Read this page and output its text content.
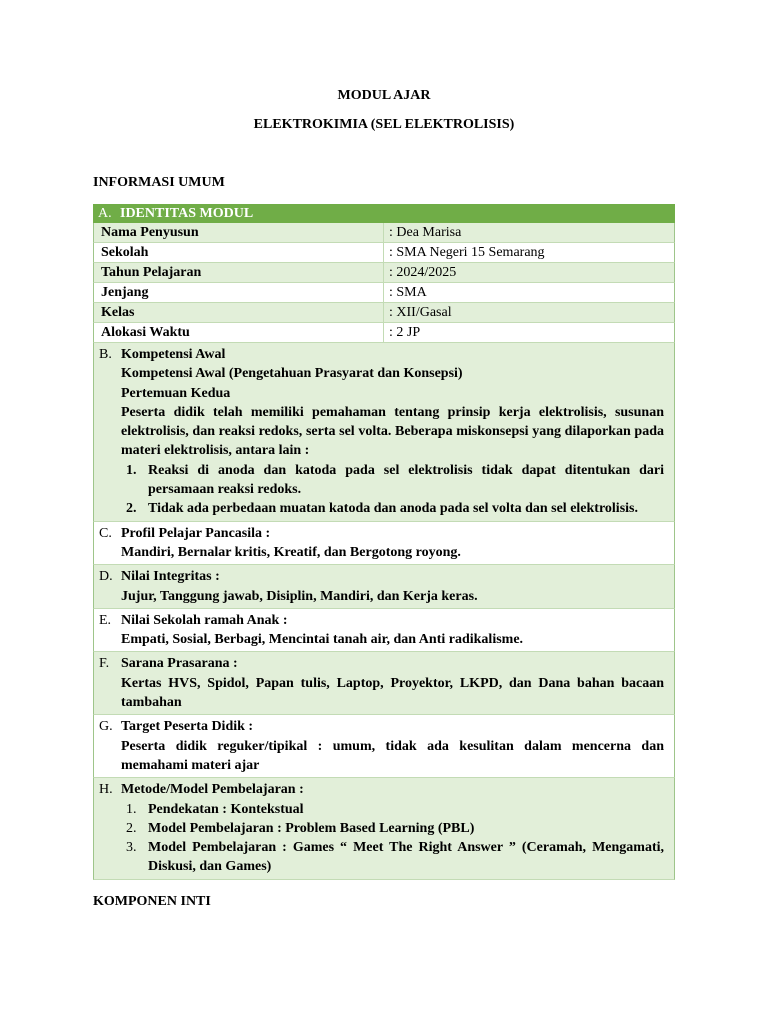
MODUL AJAR
ELEKTROKIMIA (SEL ELEKTROLISIS)
INFORMASI UMUM
A. IDENTITAS MODUL
Nama Penyusun	: Dea Marisa
Sekolah	: SMA Negeri 15 Semarang
Tahun Pelajaran	: 2024/2025
Jenjang	: SMA
Kelas	: XII/Gasal
Alokasi Waktu	: 2 JP
B. Kompetensi Awal
Kompetensi Awal (Pengetahuan Prasyarat dan Konsepsi)
Pertemuan Kedua
Peserta didik telah memiliki pemahaman tentang prinsip kerja elektrolisis, susunan elektrolisis, dan reaksi redoks, serta sel volta. Beberapa miskonsepsi yang dilaporkan pada materi elektrolisis, antara lain :
1. Reaksi di anoda dan katoda pada sel elektrolisis tidak dapat ditentukan dari persamaan reaksi redoks.
2. Tidak ada perbedaan muatan katoda dan anoda pada sel volta dan sel elektrolisis.
C. Profil Pelajar Pancasila :
Mandiri, Bernalar kritis, Kreatif, dan Bergotong royong.
D. Nilai Integritas :
Jujur, Tanggung jawab, Disiplin, Mandiri, dan Kerja keras.
E. Nilai Sekolah ramah Anak :
Empati, Sosial, Berbagi, Mencintai tanah air, dan Anti radikalisme.
F. Sarana Prasarana :
Kertas HVS, Spidol, Papan tulis, Laptop, Proyektor, LKPD, dan Dana bahan bacaan tambahan
G. Target Peserta Didik :
Peserta didik reguker/tipikal : umum, tidak ada kesulitan dalam mencerna dan memahami materi ajar
H. Metode/Model Pembelajaran :
1. Pendekatan : Kontekstual
2. Model Pembelajaran : Problem Based Learning (PBL)
3. Model Pembelajaran : Games “ Meet The Right Answer ” (Ceramah, Mengamati, Diskusi, dan Games)
KOMPONEN INTI
